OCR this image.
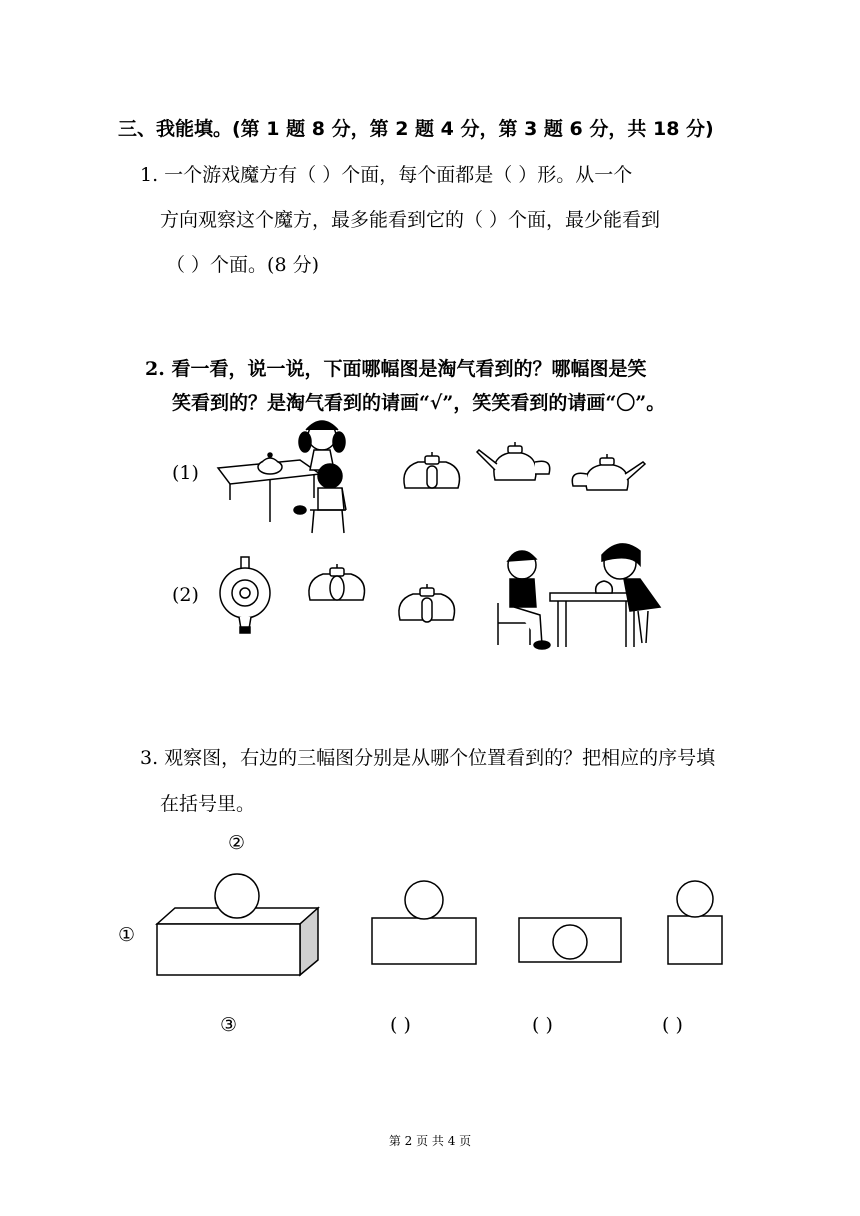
三、我能填。(第 1 题 8 分，第 2 题 4 分，第 3 题 6 分，共 18 分)
1. 一个游戏魔方有（ ）个面，每个面都是（ ）形。从一个
方向观察这个魔方，最多能看到它的（ ）个面，最少能看到
（ ）个面。(8 分)
2. 看一看，说一说，下面哪幅图是淘气看到的？哪幅图是笑
笑看到的？是淘气看到的请画“√”，笑笑看到的请画“〇”。
(1)
(2)
3. 观察图，右边的三幅图分别是从哪个位置看到的？把相应的序号填
在括号里。
②
①
③	( )	( )	( )
第 2 页 共 4 页
